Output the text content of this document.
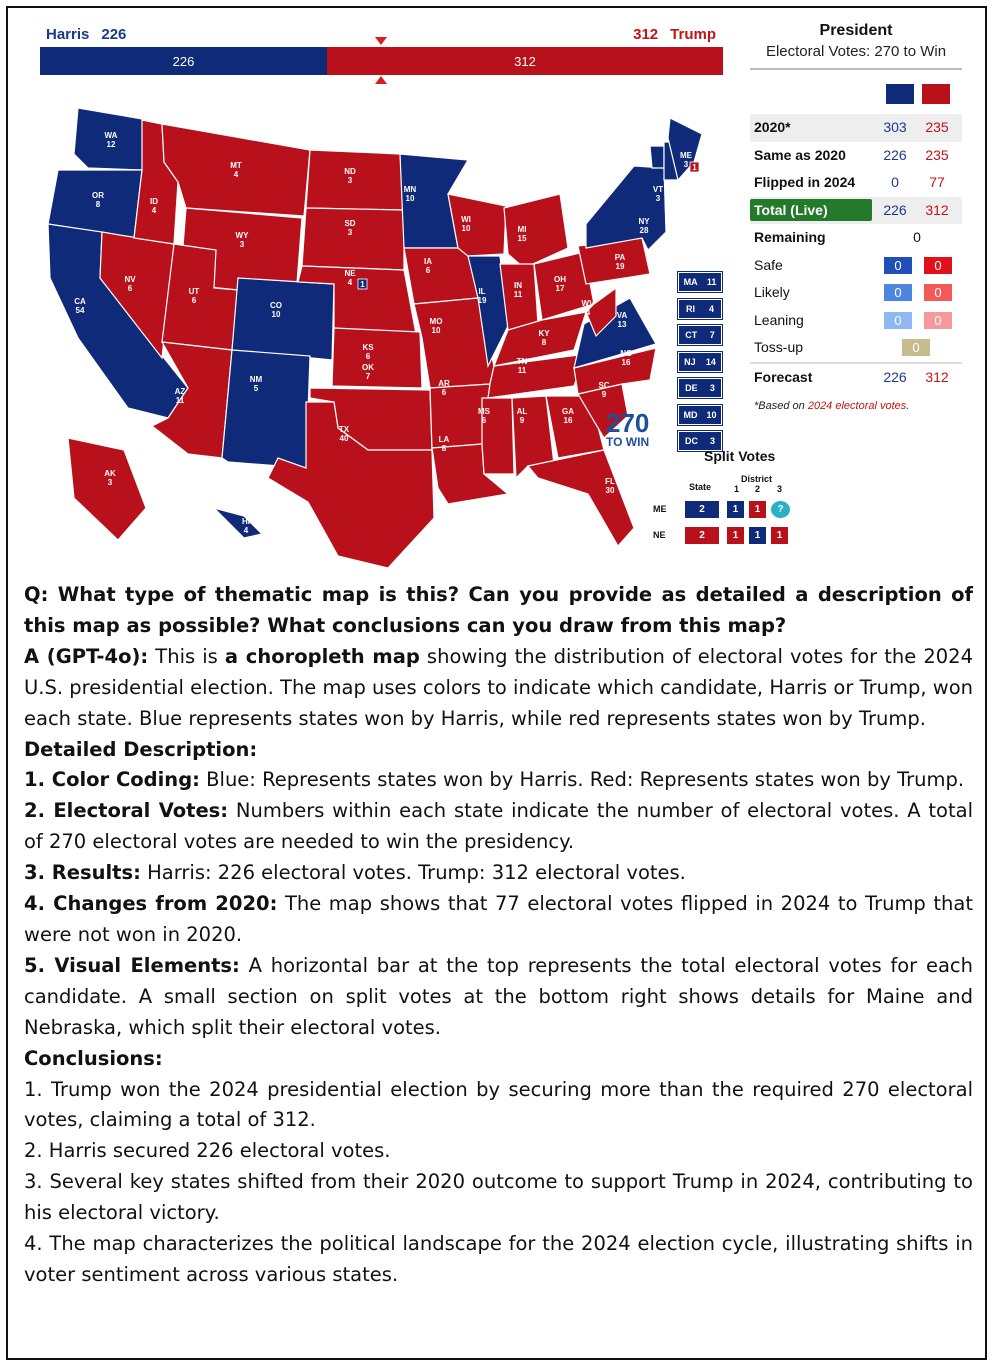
Harris 226	312 Trump
226	312
WA
12
OR
8
CA
54
NV
6
ID
4
MT
4
WY
3
UT
6
AZ
11
CO
10
NM
5
ND
3
SD
3
NE
4
KS
6
OK
7
TX
40
MN
10
IA
6
MO
10
AR
6
LA
8
WI
10
IL
19
MI
15
IN
11
OH
17
KY
8
TN
11
MS
6
AL
9
GA
16
FL
30
SC
9
NC
16
VA
13
WV
4
PA
19
NY
28
VT
3
NH
4
ME
3
AK
3
HI
4
1
1	MA 11
RI 4
CT 7
NJ 14
DE 3
MD 10
DC 3
270
TO WIN
Split Votes
State
District
1 2 3
ME	2	1	1	?
NE	2	1	1	1
President
Electoral Votes: 270 to Win
2020*	303	235
Same as 2020	226	235
Flipped in 2024	0	77
Total (Live)	226	312
Remaining	0
Safe	0	0
Likely	0	0
Leaning	0	0
Toss-up	0
Forecast	226	312
*Based on 2024 electoral votes.

Q: What type of thematic map is this? Can you provide as detailed a description of this map as possible? What conclusions can you draw from this map?

A (GPT-4o): This is a choropleth map showing the distribution of electoral votes for the 2024 U.S. presidential election. The map uses colors to indicate which candidate, Harris or Trump, won each state. Blue represents states won by Harris, while red represents states won by Trump.

Detailed Description:

1. Color Coding: Blue: Represents states won by Harris. Red: Represents states won by Trump.

2. Electoral Votes: Numbers within each state indicate the number of electoral votes. A total of 270 electoral votes are needed to win the presidency.

3. Results: Harris: 226 electoral votes. Trump: 312 electoral votes.

4. Changes from 2020: The map shows that 77 electoral votes flipped in 2024 to Trump that were not won in 2020.

5. Visual Elements: A horizontal bar at the top represents the total electoral votes for each candidate. A small section on split votes at the bottom right shows details for Maine and Nebraska, which split their electoral votes.

Conclusions:

1. Trump won the 2024 presidential election by securing more than the required 270 electoral votes, claiming a total of 312.

2. Harris secured 226 electoral votes.

3. Several key states shifted from their 2020 outcome to support Trump in 2024, contributing to his electoral victory.

4. The map characterizes the political landscape for the 2024 election cycle, illustrating shifts in voter sentiment across various states.
